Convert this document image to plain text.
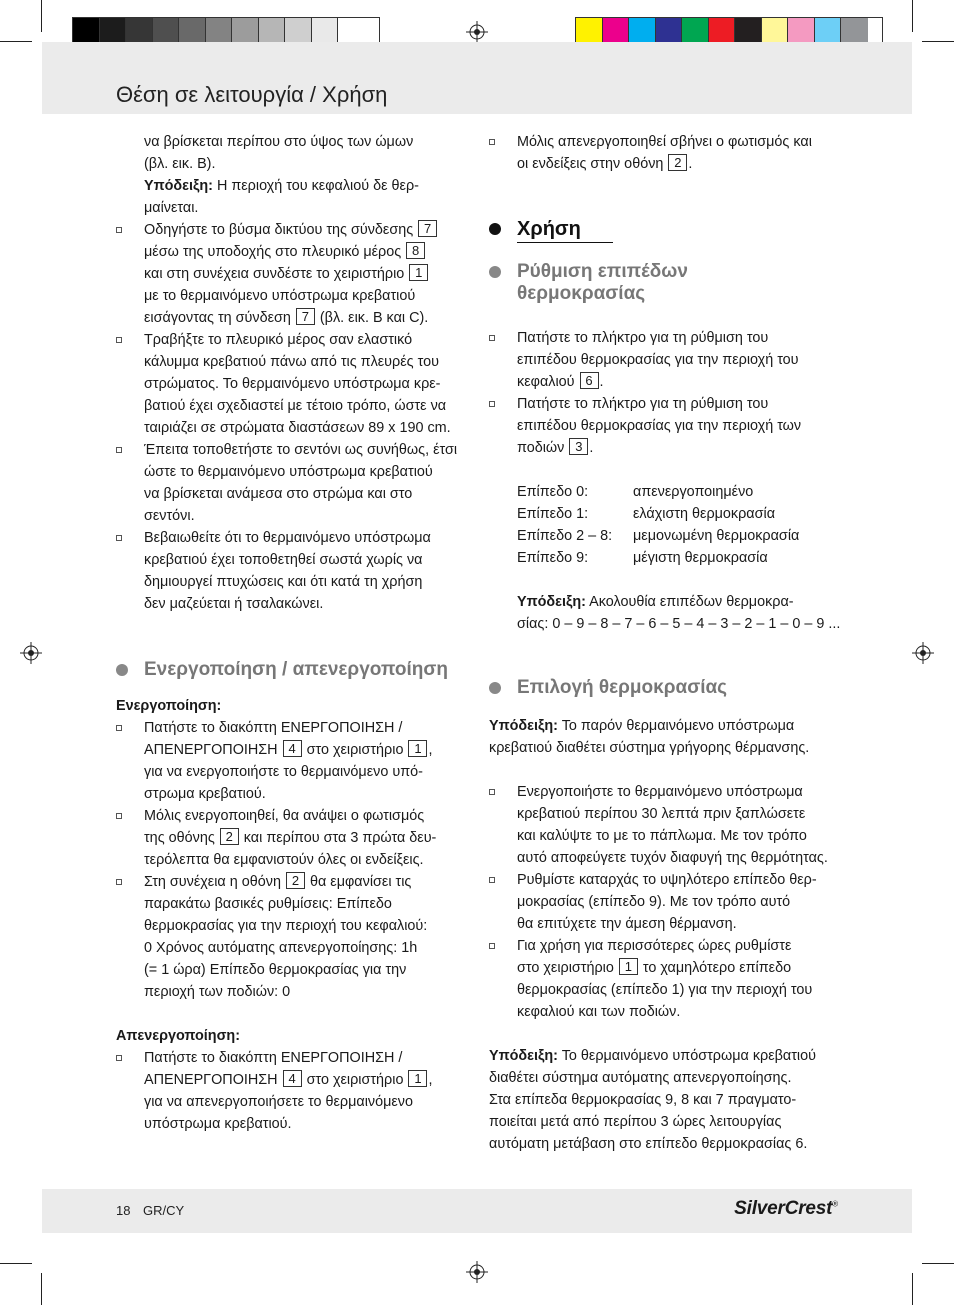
Θέση σε λειτουργία / Χρήση

να βρίσκεται περίπου στο ύψος των ώμων
(βλ. εικ. B).
Υπόδειξη: Η περιοχή του κεφαλιού δε θερ-
μαίνεται.

Οδηγήστε το βύσμα δικτύου της σύνδεσης 7
μέσω της υποδοχής στο πλευρικό μέρος 8
και στη συνέχεια συνδέστε το χειριστήριο 1
με το θερμαινόμενο υπόστρωμα κρεβατιού
εισάγοντας τη σύνδεση 7 (βλ. εικ. B και C).

Τραβήξτε το πλευρικό μέρος σαν ελαστικό
κάλυμμα κρεβατιού πάνω από τις πλευρές του
στρώματος. Το θερμαινόμενο υπόστρωμα κρε-
βατιού έχει σχεδιαστεί με τέτοιο τρόπο, ώστε να
ταιριάζει σε στρώματα διαστάσεων 89 x 190 cm.

Έπειτα τοποθετήστε το σεντόνι ως συνήθως, έτσι
ώστε το θερμαινόμενο υπόστρωμα κρεβατιού
να βρίσκεται ανάμεσα στο στρώμα και στο
σεντόνι.

Βεβαιωθείτε ότι το θερμαινόμενο υπόστρωμα
κρεβατιού έχει τοποθετηθεί σωστά χωρίς να
δημιουργεί πτυχώσεις και ότι κατά τη χρήση
δεν μαζεύεται ή τσαλακώνει.

Ενεργοποίηση / απενεργοποίηση

Ενεργοποίηση:

Πατήστε το διακόπτη ΕΝΕΡΓΟΠΟΙΗΣΗ /
ΑΠΕΝΕΡΓΟΠΟΙΗΣΗ 4 στο χειριστήριο 1 ,
για να ενεργοποιήστε το θερμαινόμενο υπό-
στρωμα κρεβατιού.

Μόλις ενεργοποιηθεί, θα ανάψει ο φωτισμός
της οθόνης 2 και περίπου στα 3 πρώτα δευ-
τερόλεπτα θα εμφανιστούν όλες οι ενδείξεις.

Στη συνέχεια η οθόνη 2 θα εμφανίσει τις
παρακάτω βασικές ρυθμίσεις: Επίπεδο
θερμοκρασίας για την περιοχή του κεφαλιού:
0 Χρόνος αυτόματης απενεργοποίησης: 1h
(= 1 ώρα) Επίπεδο θερμοκρασίας για την
περιοχή των ποδιών: 0

Απενεργοποίηση:

Πατήστε το διακόπτη ΕΝΕΡΓΟΠΟΙΗΣΗ /
ΑΠΕΝΕΡΓΟΠΟΙΗΣΗ 4 στο χειριστήριο 1 ,
για να απενεργοποιήσετε το θερμαινόμενο
υπόστρωμα κρεβατιού.

Μόλις απενεργοποιηθεί σβήνει ο φωτισμός και
οι ενδείξεις στην οθόνη 2 .

Χρήση
Ρύθμιση επιπέδων
θερμοκρασίας

Πατήστε το πλήκτρο για τη ρύθμιση του
επιπέδου θερμοκρασίας για την περιοχή του
κεφαλιού 6 .

Πατήστε το πλήκτρο για τη ρύθμιση του
επιπέδου θερμοκρασίας για την περιοχή των
ποδιών 3 .

Επίπεδο 0:	απενεργοποιημένο
Επίπεδο 1:	ελάχιστη θερμοκρασία
Επίπεδο 2 – 8:	μεμονωμένη θερμοκρασία
Επίπεδο 9:	μέγιστη θερμοκρασία

Υπόδειξη: Ακολουθία επιπέδων θερμοκρα-
σίας: 0 – 9 – 8 – 7 – 6 – 5 – 4 – 3 – 2 – 1 – 0 – 9 ...

Επιλογή θερμοκρασίας

Υπόδειξη: Το παρόν θερμαινόμενο υπόστρωμα
κρεβατιού διαθέτει σύστημα γρήγορης θέρμανσης.

Ενεργοποιήστε το θερμαινόμενο υπόστρωμα
κρεβατιού περίπου 30 λεπτά πριν ξαπλώσετε
και καλύψτε το με το πάπλωμα. Με τον τρόπο
αυτό αποφεύγετε τυχόν διαφυγή της θερμότητας.

Ρυθμίστε καταρχάς το υψηλότερο επίπεδο θερ-
μοκρασίας (επίπεδο 9). Με τον τρόπο αυτό
θα επιτύχετε την άμεση θέρμανση.

Για χρήση για περισσότερες ώρες ρυθμίστε
στο χειριστήριο 1 το χαμηλότερο επίπεδο
θερμοκρασίας (επίπεδο 1) για την περιοχή του
κεφαλιού και των ποδιών.

Υπόδειξη: Το θερμαινόμενο υπόστρωμα κρεβατιού
διαθέτει σύστημα αυτόματης απενεργοποίησης.
Στα επίπεδα θερμοκρασίας 9, 8 και 7 πραγματο-
ποιείται μετά από περίπου 3 ώρες λειτουργίας
αυτόματη μετάβαση στο επίπεδο θερμοκρασίας 6.

18 GR/CY	SilverCrest®
